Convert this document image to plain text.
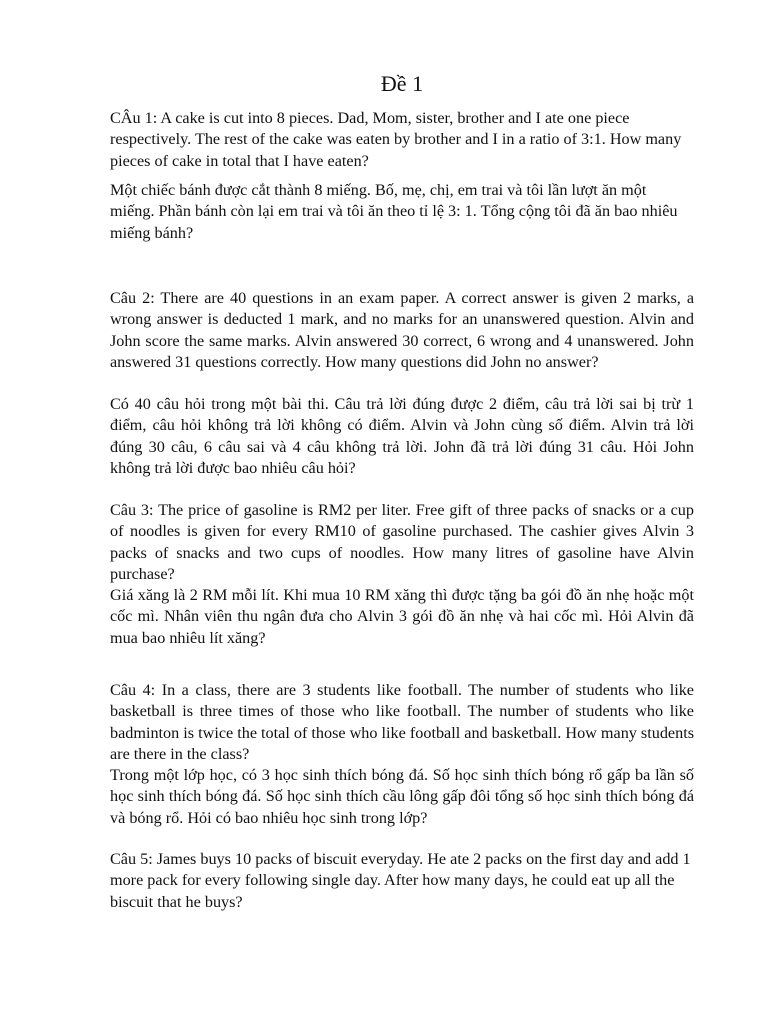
Đề 1

CÂu 1: A cake is cut into 8 pieces. Dad, Mom, sister, brother and I ate one piece respectively. The rest of the cake was eaten by brother and I in a ratio of 3:1. How many pieces of cake in total that I have eaten?

Một chiếc bánh được cắt thành 8 miếng. Bố, mẹ, chị, em trai và tôi lần lượt ăn một miếng. Phần bánh còn lại em trai và tôi ăn theo tỉ lệ 3: 1. Tổng cộng tôi đã ăn bao nhiêu miếng bánh?

Câu 2: There are 40 questions in an exam paper. A correct answer is given 2 marks, a wrong answer is deducted 1 mark, and no marks for an unanswered question. Alvin and John score the same marks. Alvin answered 30 correct, 6 wrong and 4 unanswered. John answered 31 questions correctly. How many questions did John no answer?

Có 40 câu hỏi trong một bài thi. Câu trả lời đúng được 2 điểm, câu trả lời sai bị trừ 1 điểm, câu hỏi không trả lời không có điểm. Alvin và John cùng số điểm. Alvin trả lời đúng 30 câu, 6 câu sai và 4 câu không trả lời. John đã trả lời đúng 31 câu. Hỏi John không trả lời được bao nhiêu câu hỏi?

Câu 3: The price of gasoline is RM2 per liter. Free gift of three packs of snacks or a cup of noodles is given for every RM10 of gasoline purchased. The cashier gives Alvin 3 packs of snacks and two cups of noodles. How many litres of gasoline have Alvin purchase?

Giá xăng là 2 RM mỗi lít. Khi mua 10 RM xăng thì được tặng ba gói đồ ăn nhẹ hoặc một cốc mì. Nhân viên thu ngân đưa cho Alvin 3 gói đồ ăn nhẹ và hai cốc mì. Hỏi Alvin đã mua bao nhiêu lít xăng?

Câu 4: In a class, there are 3 students like football. The number of students who like basketball is three times of those who like football. The number of students who like badminton is twice the total of those who like football and basketball. How many students are there in the class?

Trong một lớp học, có 3 học sinh thích bóng đá. Số học sinh thích bóng rổ gấp ba lần số học sinh thích bóng đá. Số học sinh thích cầu lông gấp đôi tổng số học sinh thích bóng đá và bóng rổ. Hỏi có bao nhiêu học sinh trong lớp?

Câu 5: James buys 10 packs of biscuit everyday. He ate 2 packs on the first day and add 1 more pack for every following single day. After how many days, he could eat up all the biscuit that he buys?
